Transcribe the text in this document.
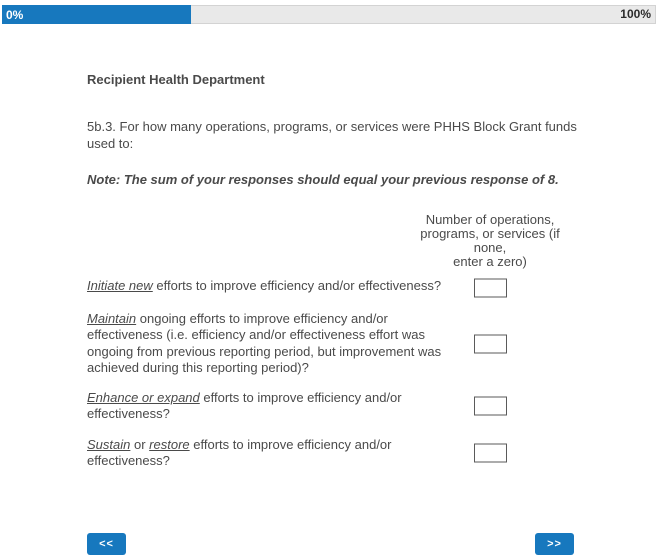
0%	100%
Recipient Health Department

5b.3. For how many operations, programs, or services were PHHS Block Grant funds used to:

Note: The sum of your responses should equal your previous response of 8.

Number of operations,
programs, or services (if none,
enter a zero)
Initiate new efforts to improve efficiency and/or effectiveness?
Maintain ongoing efforts to improve efficiency and/or effectiveness (i.e. efficiency and/or effectiveness effort was ongoing from previous reporting period, but improvement was achieved during this reporting period)?
Enhance or expand efforts to improve efficiency and/or effectiveness?
Sustain or restore efforts to improve efficiency and/or effectiveness?
<<	>>
